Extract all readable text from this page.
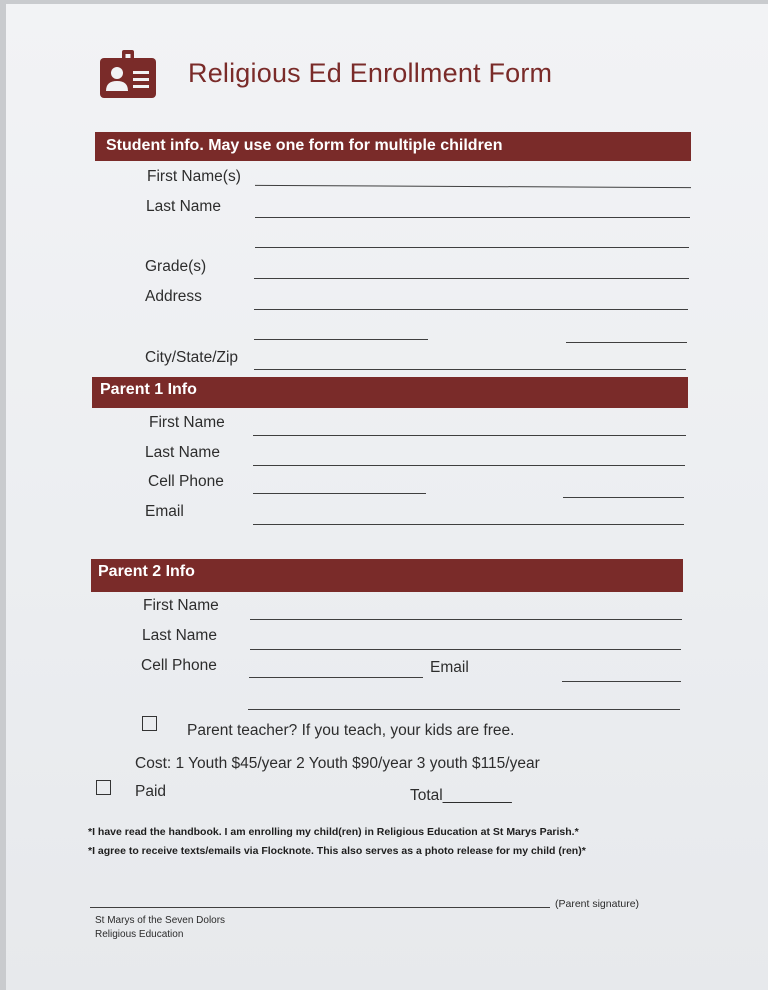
Religious Ed Enrollment Form
Student info. May use one form for multiple children
First Name(s)
Last Name
Grade(s)
Address
City/State/Zip
Parent 1 Info
First Name
Last Name
Cell Phone
Email
Parent 2 Info
First Name
Last Name
Cell Phone	Email
Parent teacher? If you teach, your kids are free.
Cost: 1 Youth $45/year 2 Youth $90/year 3 youth $115/year
Paid	Total________
*I have read the handbook. I am enrolling my child(ren) in Religious Education at St Marys Parish.*
*I agree to receive texts/emails via Flocknote. This also serves as a photo release for my child (ren)*
(Parent signature)
St Marys of the Seven Dolors
Religious Education
